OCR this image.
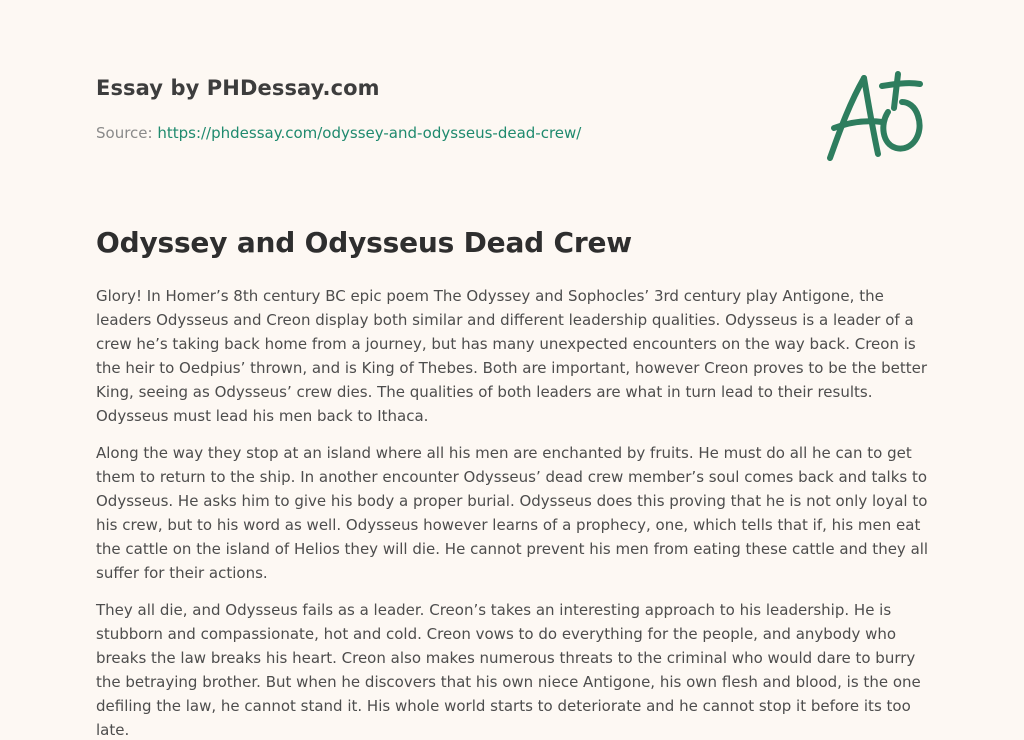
Essay by PHDessay.com
Source: https://phdessay.com/odyssey-and-odysseus-dead-crew/
Odyssey and Odysseus Dead Crew

Glory! In Homer’s 8th century BC epic poem The Odyssey and Sophocles’ 3rd century play Antigone, the leaders Odysseus and Creon display both similar and different leadership qualities. Odysseus is a leader of a crew he’s taking back home from a journey, but has many unexpected encounters on the way back. Creon is the heir to Oedpius’ thrown, and is King of Thebes. Both are important, however Creon proves to be the better King, seeing as Odysseus’ crew dies. The qualities of both leaders are what in turn lead to their results. Odysseus must lead his men back to Ithaca.

Along the way they stop at an island where all his men are enchanted by fruits. He must do all he can to get them to return to the ship. In another encounter Odysseus’ dead crew member’s soul comes back and talks to Odysseus. He asks him to give his body a proper burial. Odysseus does this proving that he is not only loyal to his crew, but to his word as well. Odysseus however learns of a prophecy, one, which tells that if, his men eat the cattle on the island of Helios they will die. He cannot prevent his men from eating these cattle and they all suffer for their actions.

They all die, and Odysseus fails as a leader. Creon’s takes an interesting approach to his leadership. He is stubborn and compassionate, hot and cold. Creon vows to do everything for the people, and anybody who breaks the law breaks his heart. Creon also makes numerous threats to the criminal who would dare to burry the betraying brother. But when he discovers that his own niece Antigone, his own flesh and blood, is the one defiling the law, he cannot stand it. His whole world starts to deteriorate and he cannot stop it before its too late.
